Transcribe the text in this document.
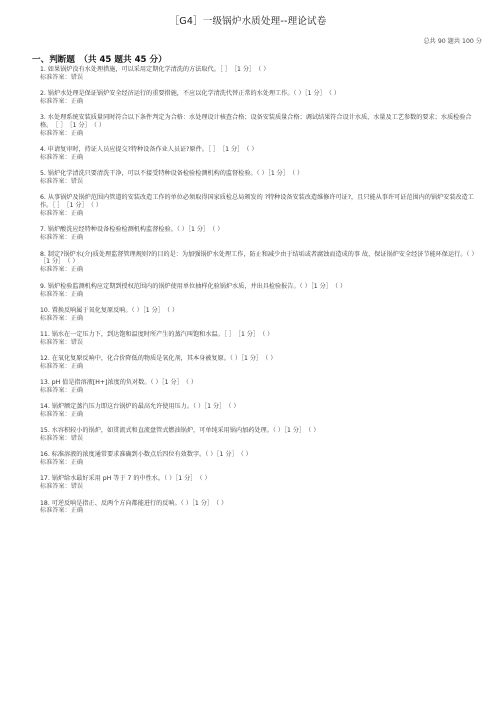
［G4］一级锅炉水质处理--理论试卷
总共 90 题共 100 分
一、判断题　（共 45 题共 45 分）

1. 如果锅炉没有水处理措施，可以采用定期化学清洗的方法取代。［ ］　［1 分］　（ ）

标准答案：错误

2. 锅炉水处理是保证锅炉安全经济运行的重要措施，不应以化学清洗代替正常的水处理工作。（ ）［1 分］　（ ）

标准答案：正确

3. 水处理系统安装质量同时符合以下条件判定为合格：水处理设计核查合格；设备安装质量合格；调试结果符合设计水质、水量及工艺参数的要求；水质检验合格。　［ ］　［1 分］　（ ）

标准答案：正确

4. 申请复审时，持证人员应提交?特种设备作业人员证?原件。［ ］　［1 分］　（ ）

标准答案：正确

5. 锅炉化学清洗只要清洗干净，可以不接受特种设备检验检测机构的监督检验。（ ）［1 分］　（ ）

标准答案：错误

6. 从事锅炉及锅炉范围内管道的安装改造工作的单位必须取得国家质检总局颁发的 ?特种设备安装改造维修许可证?，且只能从事许可证范围内的锅炉安装改造工作。［ ］　［1 分］　（ ）

标准答案：正确

7. 锅炉酸洗应经特种设备检验检测机构监督检验。（ ）［1 分］　（ ）

标准答案：正确

8. 制定?锅炉水(介)质处理监督管理规则?的目的是：为加强锅炉水处理工作，防止和减少由于结垢或者腐蚀而造成的事 故，保证锅炉安全经济节能环保运行。（ ）［1 分］　（ ）

标准答案：正确

9. 锅炉检验监测机构应定期到授权范围内的锅炉使用单位抽样化验锅炉水质，并出具检验报告。（ ）［1 分］　（ ）

标准答案：正确

10. 置换反响属于氧化复原反响。（ ）［1 分］　（ ）

标准答案：正确

11. 锅水在一定压力下，到达饱和温度时所产生的蒸汽叫饱和水温。［ ］　［1 分］　（ ）

标准答案：错误

12. 在氧化复原反响中，化合价降低的物质是氧化剂，其本身被复原。（ ）［1 分］　（ ）

标准答案：正确

13. pH 值是指溶液[H+]浓度的负对数。（ ）［1 分］　（ ）

标准答案：正确

14. 锅炉额定蒸汽压力即这台锅炉的最高允许使用压力。（ ）［1 分］　（ ）

标准答案：正确

15. 水容积较小的锅炉，如贯流式和直流盘管式燃油锅炉，可单纯采用锅内加药处理。（ ）［1 分］　（ ）

标准答案：错误

16. 标准溶液的浓度通常要求准确到小数点后四位有效数字。（ ）［1 分］　（ ）

标准答案：正确

17. 锅炉给水最好采用 pH 等于 7 的中性水。（ ）［1 分］　（ ）

标准答案：错误

18. 可逆反响是指正、反两个方向都能进行的反响。（ ）［1 分］　（ ）

标准答案：正确
